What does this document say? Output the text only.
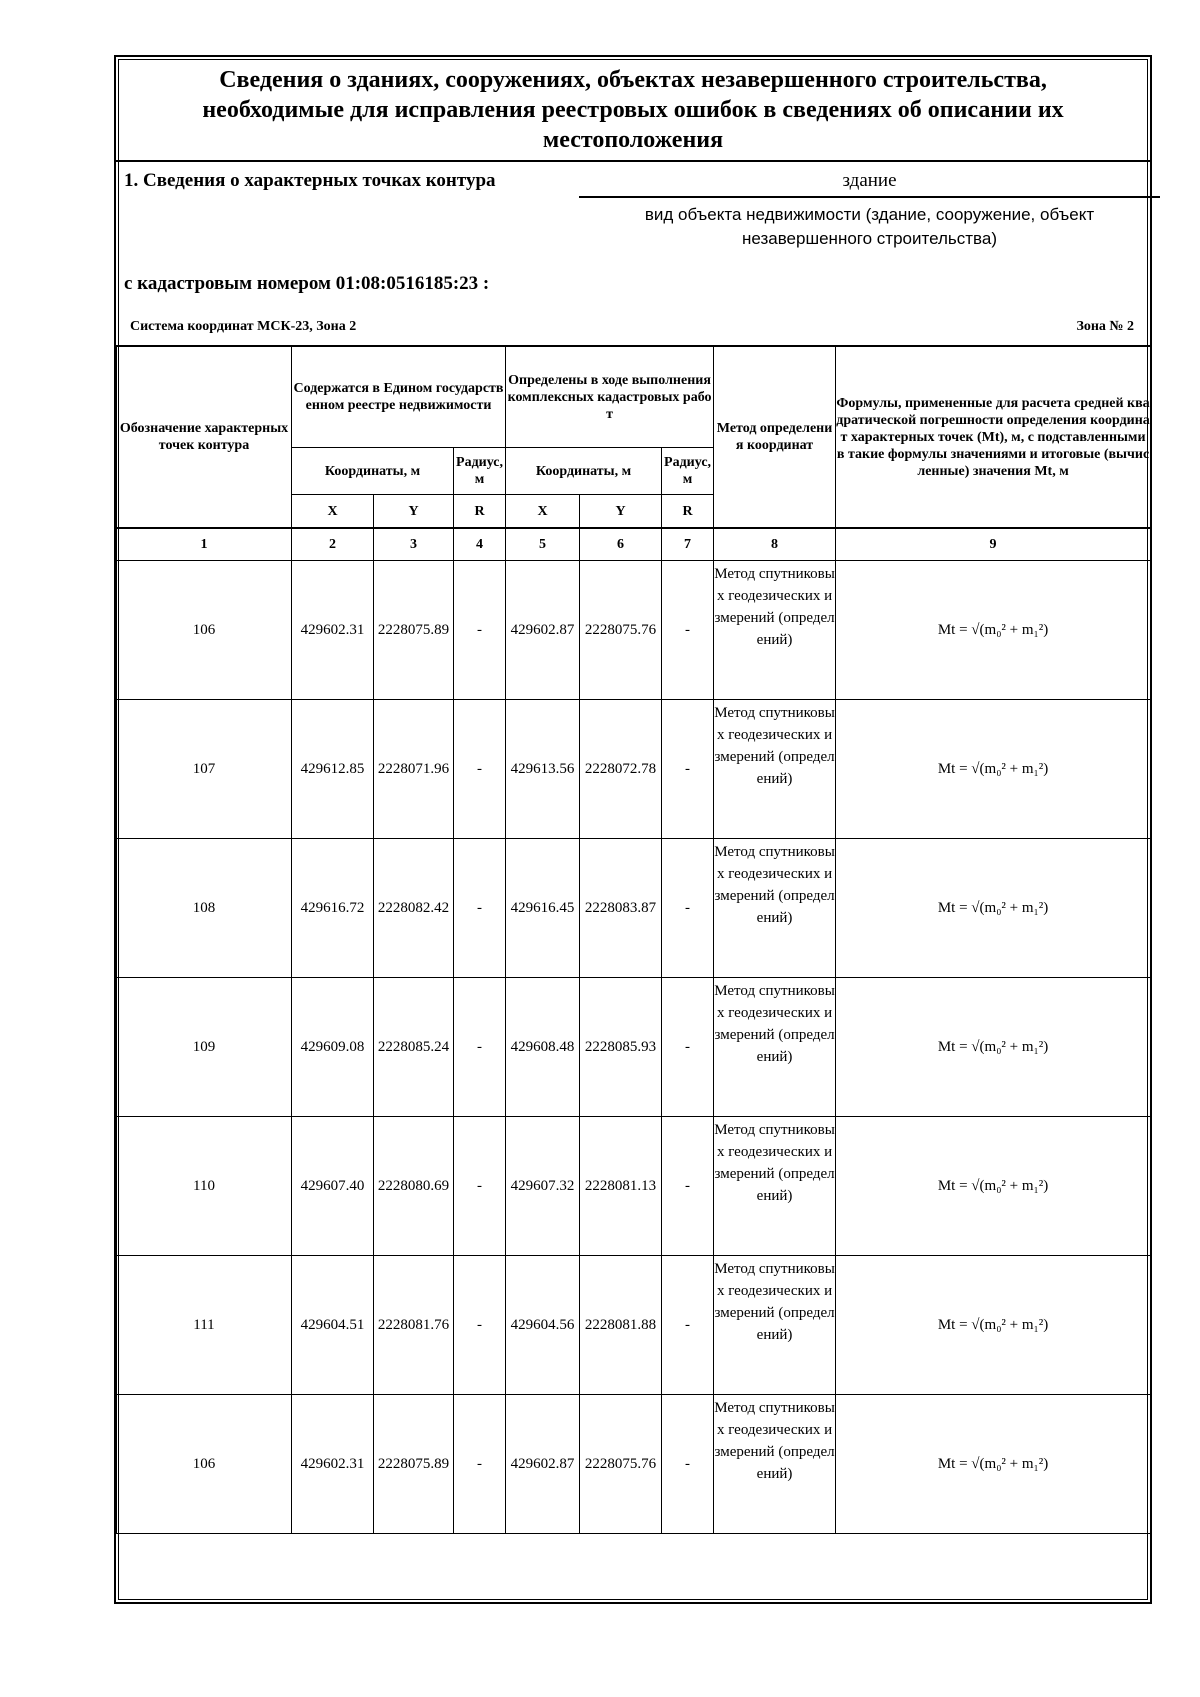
Сведения о зданиях, сооружениях, объектах незавершенного строительства,
необходимые для исправления реестровых ошибок в сведениях об описании их
местоположения
1. Сведения о характерных точках контура	здание
вид объекта недвижимости (здание, сооружение, объект незавершенного строительства)
с кадастровым номером 01:08:0516185:23 :
Система координат МСК-23, Зона 2	Зона № 2
Обозначение характерных точек контура	Содержатся в Едином государственном реестре недвижимости			Определены в ходе выполнения комплексных кадастровых работ			Метод определения координат	Формулы, примененные для расчета средней квадратической погрешности определения координат характерных точек (Mt), м, с подставленными в такие формулы значениями и итоговые (вычисленные) значения Mt, м
	Координаты, м		Радиус, м	Координаты, м		Радиус, м		
	X	Y	R	X	Y	R		
1	2	3	4	5	6	7	8	9
106	429602.31	2228075.89	-	429602.87	2228075.76	-	Метод спутниковых геодезических измерений (определений)	Mt = √(m₀² + m₁²)
107	429612.85	2228071.96	-	429613.56	2228072.78	-	Метод спутниковых геодезических измерений (определений)	Mt = √(m₀² + m₁²)
108	429616.72	2228082.42	-	429616.45	2228083.87	-	Метод спутниковых геодезических измерений (определений)	Mt = √(m₀² + m₁²)
109	429609.08	2228085.24	-	429608.48	2228085.93	-	Метод спутниковых геодезических измерений (определений)	Mt = √(m₀² + m₁²)
110	429607.40	2228080.69	-	429607.32	2228081.13	-	Метод спутниковых геодезических измерений (определений)	Mt = √(m₀² + m₁²)
111	429604.51	2228081.76	-	429604.56	2228081.88	-	Метод спутниковых геодезических измерений (определений)	Mt = √(m₀² + m₁²)
106	429602.31	2228075.89	-	429602.87	2228075.76	-	Метод спутниковых геодезических измерений (определений)	Mt = √(m₀² + m₁²)
